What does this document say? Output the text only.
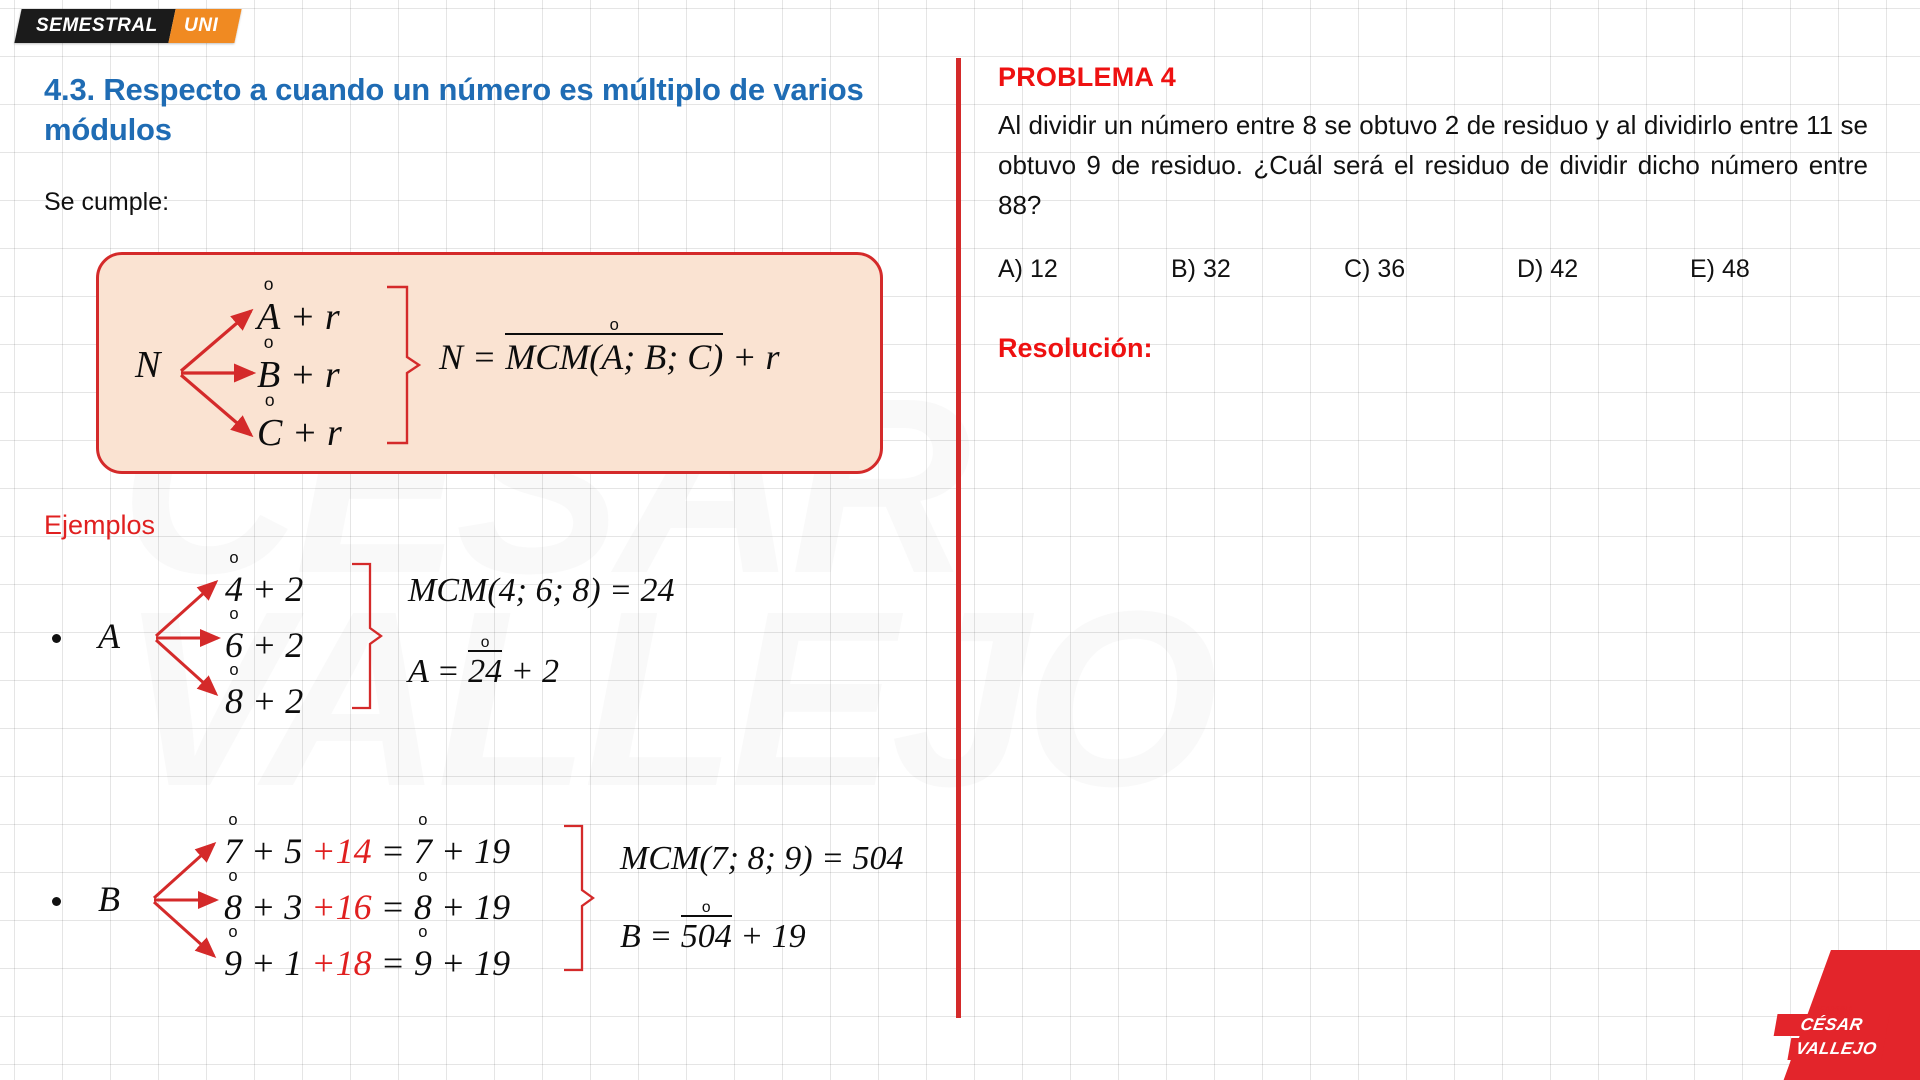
SEMESTRAL UNI
4.3. Respecto a cuando un número es múltiplo de varios módulos
Se cumple:
N
o
A + r
o
B + r
o
C + r
N =
o
MCM(A; B; C) + r
Ejemplos
A
o
4 + 2
o
6 + 2
o
8 + 2
MCM(4; 6; 8) = 24
A =
o
24 + 2
B
o
7 + 5 +14 =
o
7 + 19
o
8 + 3 +16 =
o
8 + 19
o
9 + 1 +18 =
o
9 + 19
MCM(7; 8; 9) = 504
B =
o
504 + 19
PROBLEMA 4
Al dividir un número entre 8 se obtuvo 2 de residuo y al dividirlo entre 11 se obtuvo 9 de residuo. ¿Cuál será el residuo de dividir dicho número entre 88?
A) 12	B) 32	C) 36	D) 42	E) 48
Resolución:
ACADEMIA
CÉSAR
VALLEJO
